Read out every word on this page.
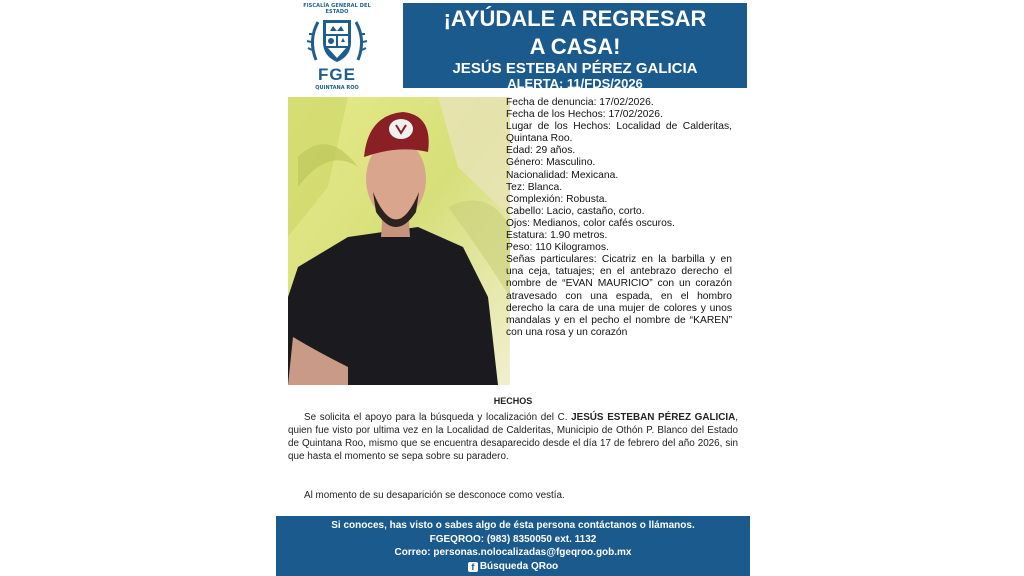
FISCALÍA GENERAL DEL ESTADO
FGE
QUINTANA ROO
¡AYÚDALE A REGRESAR
A CASA!
JESÚS ESTEBAN PÉREZ GALICIA
ALERTA: 11/FDS/2026
Fecha de denuncia: 17/02/2026.
Fecha de los Hechos: 17/02/2026.
Lugar de los Hechos: Localidad de Calderitas, Quintana Roo.
Edad: 29 años.
Género: Masculino.
Nacionalidad: Mexicana.
Tez: Blanca.
Complexión: Robusta.
Cabello: Lacio, castaño, corto.
Ojos: Medianos, color cafés oscuros.
Estatura: 1.90 metros.
Peso: 110 Kilogramos.
Señas particulares: Cicatriz en la barbilla y en una ceja, tatuajes; en el antebrazo derecho el nombre de “EVAN MAURICIO” con un corazón atravesado con una espada, en el hombro derecho la cara de una mujer de colores y unos mandalas y en el pecho el nombre de “KAREN” con una rosa y un corazón
HECHOS
Se solicita el apoyo para la búsqueda y localización del C. JESÚS ESTEBAN PÉREZ GALICIA, quien fue visto por ultima vez en la Localidad de Calderitas, Municipio de Othón P. Blanco del Estado de Quintana Roo, mismo que se encuentra desaparecido desde el día 17 de febrero del año 2026, sin que hasta el momento se sepa sobre su paradero.
Al momento de su desaparición se desconoce como vestía.
Si conoces, has visto o sabes algo de ésta persona contáctanos o llámanos.
FGEQROO: (983) 8350050 ext. 1132
Correo: personas.nolocalizadas@fgeqroo.gob.mx
f Búsqueda QRoo
